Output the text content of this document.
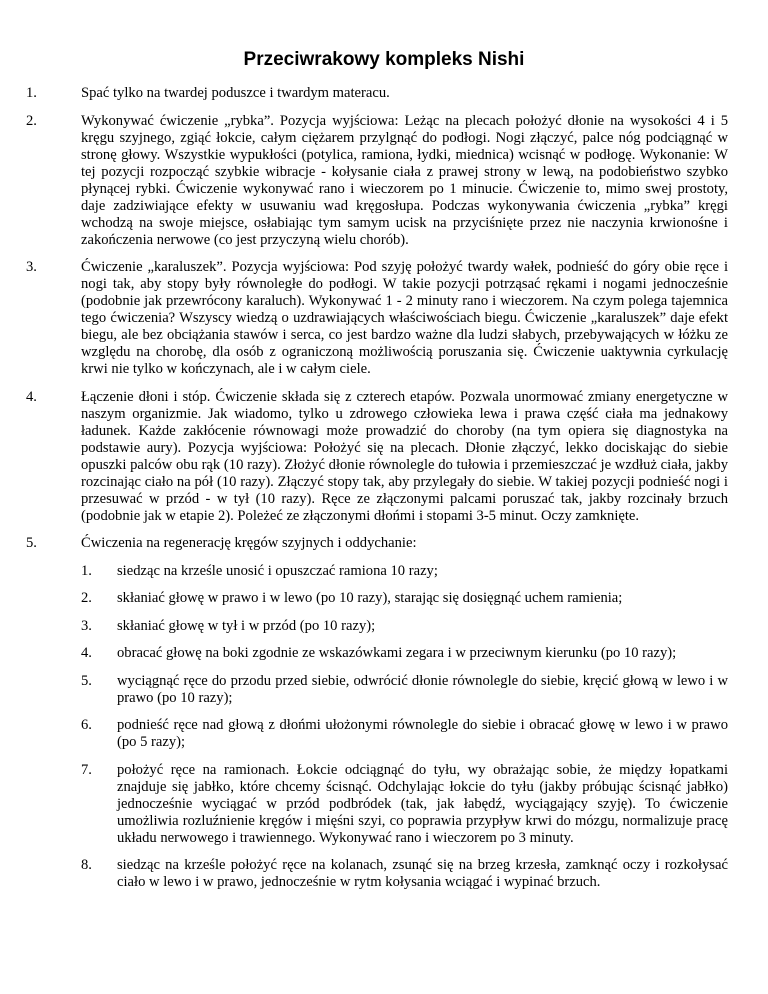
Przeciwrakowy kompleks Nishi
1.	Spać tylko na twardej poduszce i twardym materacu.
2.	Wykonywać ćwiczenie „rybka”. Pozycja wyjściowa: Leżąc na plecach położyć dłonie na wysokości 4 i 5 kręgu szyjnego, zgiąć łokcie, całym ciężarem przylgnąć do podłogi. Nogi złączyć, palce nóg podciągnąć w stronę głowy. Wszystkie wypukłości (potylica, ramiona, łydki, miednica) wcisnąć w podłogę. Wykonanie: W tej pozycji rozpocząć szybkie wibracje - kołysanie ciała z prawej strony w lewą, na podobieństwo szybko płynącej rybki. Ćwiczenie wykonywać rano i wieczorem po 1 minucie. Ćwiczenie to, mimo swej prostoty, daje zadziwiające efekty w usuwaniu wad kręgosłupa. Podczas wykonywania ćwiczenia „rybka” kręgi wchodzą na swoje miejsce, osłabiając tym samym ucisk na przyciśnięte przez nie naczynia krwionośne i zakończenia nerwowe (co jest przyczyną wielu chorób).
3.	Ćwiczenie „karaluszek”. Pozycja wyjściowa: Pod szyję położyć twardy wałek, podnieść do góry obie ręce i nogi tak, aby stopy były równoległe do podłogi. W takie pozycji potrząsać rękami i nogami jednocześnie (podobnie jak przewrócony karaluch). Wykonywać 1 - 2 minuty rano i wieczorem. Na czym polega tajemnica tego ćwiczenia? Wszyscy wiedzą o uzdrawiających właściwościach biegu. Ćwiczenie „karaluszek” daje efekt biegu, ale bez obciążania stawów i serca, co jest bardzo ważne dla ludzi słabych, przebywających w łóżku ze względu na chorobę, dla osób z ograniczoną możliwością poruszania się. Ćwiczenie uaktywnia cyrkulację krwi nie tylko w kończynach, ale i w całym ciele.
4.	Łączenie dłoni i stóp. Ćwiczenie składa się z czterech etapów. Pozwala unormować zmiany energetyczne w naszym organizmie. Jak wiadomo, tylko u zdrowego człowieka lewa i prawa część ciała ma jednakowy ładunek. Każde zakłócenie równowagi może prowadzić do choroby (na tym opiera się diagnostyka na podstawie aury). Pozycja wyjściowa: Położyć się na plecach. Dłonie złączyć, lekko dociskając do siebie opuszki palców obu rąk (10 razy). Złożyć dłonie równolegle do tułowia i przemieszczać je wzdłuż ciała, jakby rozcinając ciało na pół (10 razy). Złączyć stopy tak, aby przylegały do siebie. W takiej pozycji podnieść nogi i przesuwać w przód - w tył (10 razy). Ręce ze złączonymi palcami poruszać tak, jakby rozcinały brzuch (podobnie jak w etapie 2). Poleżeć ze złączonymi dłońmi i stopami 3-5 minut. Oczy zamknięte.
5.	Ćwiczenia na regenerację kręgów szyjnych i oddychanie:
1. siedząc na krześle unosić i opuszczać ramiona 10 razy;
2. skłaniać głowę w prawo i w lewo (po 10 razy), starając się dosięgnąć uchem ramienia;
3. skłaniać głowę w tył i w przód (po 10 razy);
4. obracać głowę na boki zgodnie ze wskazówkami zegara i w przeciwnym kierunku (po 10 razy);
5. wyciągnąć ręce do przodu przed siebie, odwrócić dłonie równolegle do siebie, kręcić głową w lewo i w prawo (po 10 razy);
6. podnieść ręce nad głową z dłońmi ułożonymi równolegle do siebie i obracać głowę w lewo i w prawo (po 5 razy);
7. położyć ręce na ramionach. Łokcie odciągnąć do tyłu, wy obrażając sobie, że między łopatkami znajduje się jabłko, które chcemy ścisnąć. Odchylając łokcie do tyłu (jakby próbując ścisnąć jabłko) jednocześnie wyciągać w przód podbródek (tak, jak łabędź, wyciągający szyję). To ćwiczenie umożliwia rozluźnienie kręgów i mięśni szyi, co poprawia przypływ krwi do mózgu, normalizuje pracę układu nerwowego i trawiennego. Wykonywać rano i wieczorem po 3 minuty.
8. siedząc na krześle położyć ręce na kolanach, zsunąć się na brzeg krzesła, zamknąć oczy i rozkołysać ciało w lewo i w prawo, jednocześnie w rytm kołysania wciągać i wypinać brzuch.
